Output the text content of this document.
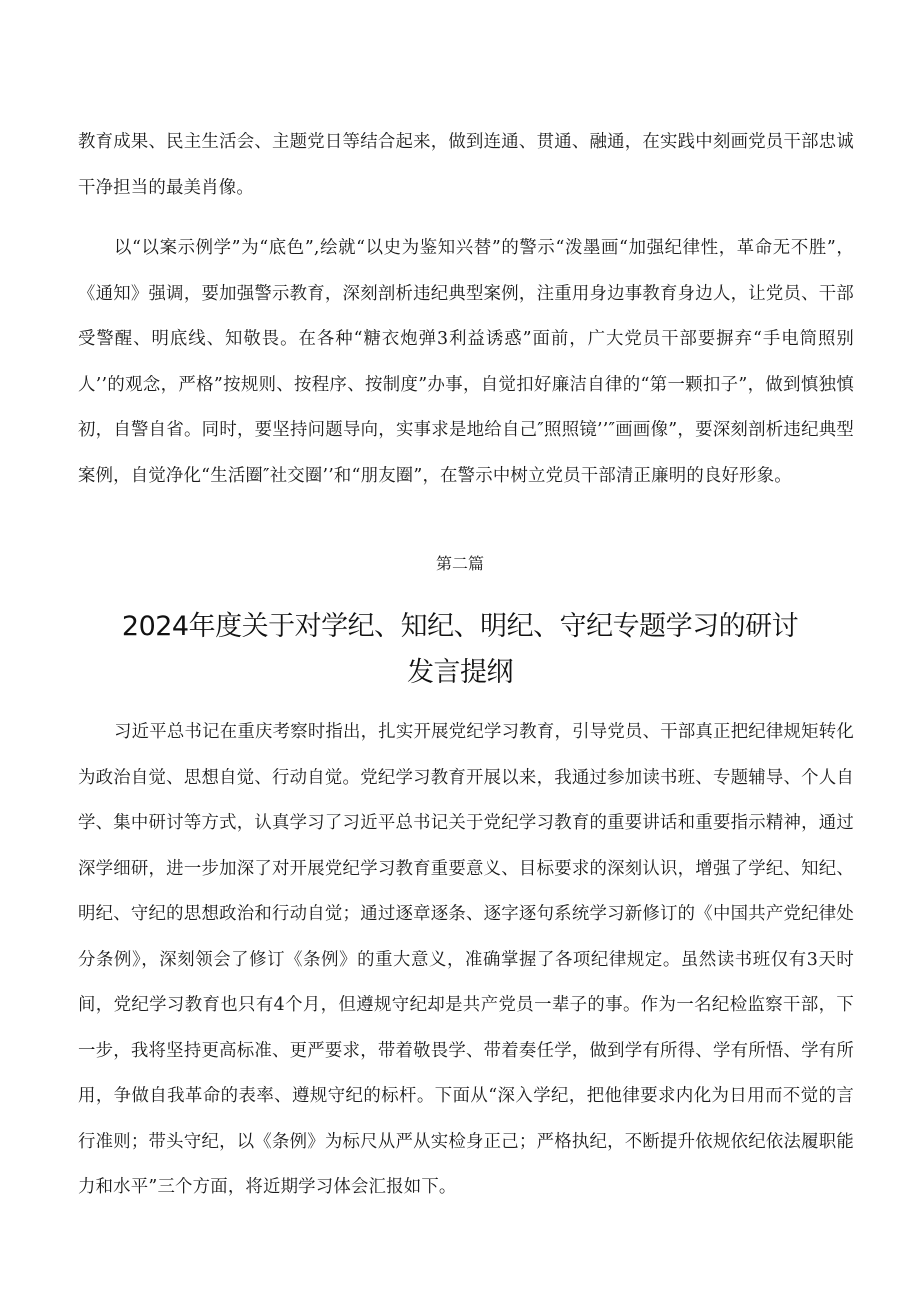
教育成果、民主生活会、主题党日等结合起来，做到连通、贯通、融通，在实践中刻画党员干部忠诚干净担当的最美肖像。

以“以案示例学”为“底色”,绘就“以史为鉴知兴替”的警示“泼墨画“加强纪律性，革命无不胜”，《通知》强调，要加强警示教育，深刻剖析违纪典型案例，注重用身边事教育身边人，让党员、干部受警醒、明底线、知敬畏。在各种“糖衣炮弹3利益诱惑”面前，广大党员干部要摒弃“手电筒照别人’’的观念，严格”按规则、按程序、按制度”办事，自觉扣好廉洁自律的“第一颗扣子”，做到慎独慎初，自警自省。同时，要坚持问题导向，实事求是地给自己″照照镜’’″画画像”，要深刻剖析违纪典型案例，自觉净化“生活圈″社交圈’’和“朋友圈”，在警示中树立党员干部清正廉明的良好形象。

第二篇

2024年度关于对学纪、知纪、明纪、守纪专题学习的研讨
发言提纲

习近平总书记在重庆考察时指出，扎实开展党纪学习教育，引导党员、干部真正把纪律规矩转化为政治自觉、思想自觉、行动自觉。党纪学习教育开展以来，我通过参加读书班、专题辅导、个人自学、集中研讨等方式，认真学习了习近平总书记关于党纪学习教育的重要讲话和重要指示精神，通过深学细研，进一步加深了对开展党纪学习教育重要意义、目标要求的深刻认识，增强了学纪、知纪、明纪、守纪的思想政治和行动自觉；通过逐章逐条、逐字逐句系统学习新修订的《中国共产党纪律处分条例》，深刻领会了修订《条例》的重大意义，准确掌握了各项纪律规定。虽然读书班仅有3天时间，党纪学习教育也只有4个月，但遵规守纪却是共产党员一辈子的事。作为一名纪检监察干部，下一步，我将坚持更高标准、更严要求，带着敬畏学、带着奏任学，做到学有所得、学有所悟、学有所用，争做自我革命的表率、遵规守纪的标杆。下面从“深入学纪，把他律要求内化为日用而不觉的言行准则；带头守纪，以《条例》为标尺从严从实检身正己；严格执纪，不断提升依规依纪依法履职能力和水平”三个方面，将近期学习体会汇报如下。
